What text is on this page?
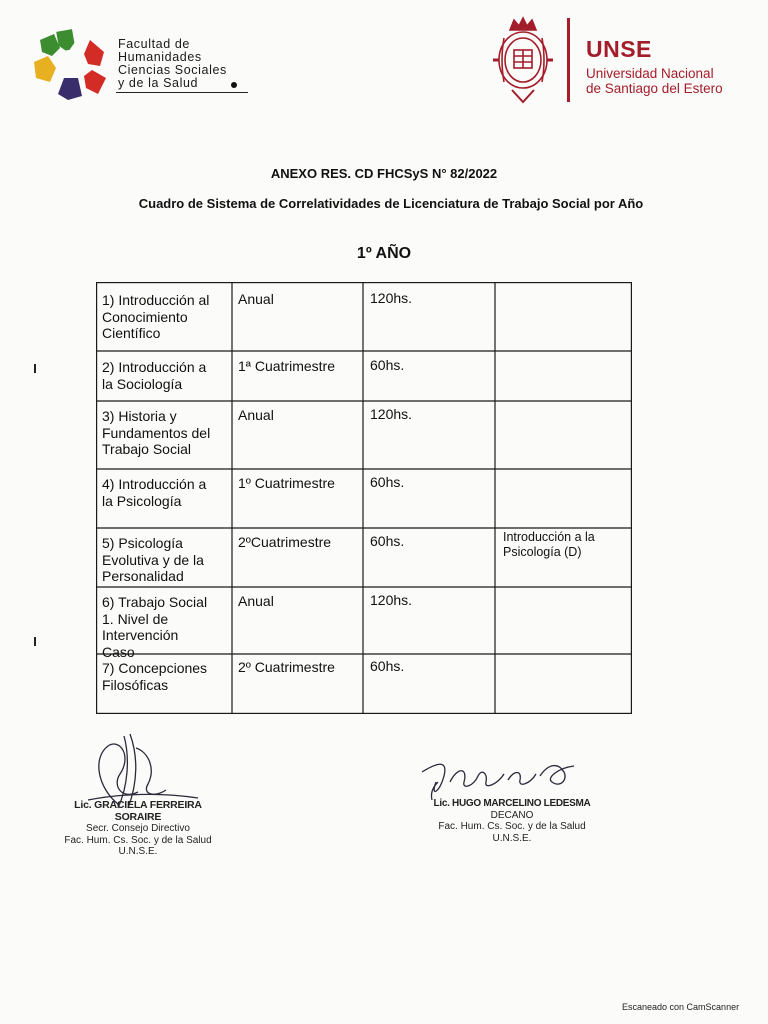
Facultad de
Humanidades
Ciencias Sociales
y de la Salud
UNSE
Universidad Nacional
de Santiago del Estero
ANEXO RES. CD FHCSyS N° 82/2022
Cuadro de Sistema de Correlatividades de Licenciatura de Trabajo Social por Año
1º AÑO
1) Introducción al
Conocimiento
Científico
Anual	120hs.
2) Introducción a
la Sociología
1ª Cuatrimestre	60hs.
3) Historia y
Fundamentos del
Trabajo Social
Anual	120hs.
4) Introducción a
la Psicología
1º Cuatrimestre	60hs.
5) Psicología
Evolutiva y de la
Personalidad
2ºCuatrimestre	60hs.	Introducción a la
Psicología (D)
6) Trabajo Social
1. Nivel de
Intervención
Caso
Anual	120hs.
7) Concepciones
Filosóficas
2º Cuatrimestre	60hs.
Lic. GRACIELA FERREIRA SORAIRE
Secr. Consejo Directivo
Fac. Hum. Cs. Soc. y de la Salud
U.N.S.E.
Lic. HUGO MARCELINO LEDESMA
DECANO
Fac. Hum. Cs. Soc. y de la Salud
U.N.S.E.
Escaneado con CamScanner
